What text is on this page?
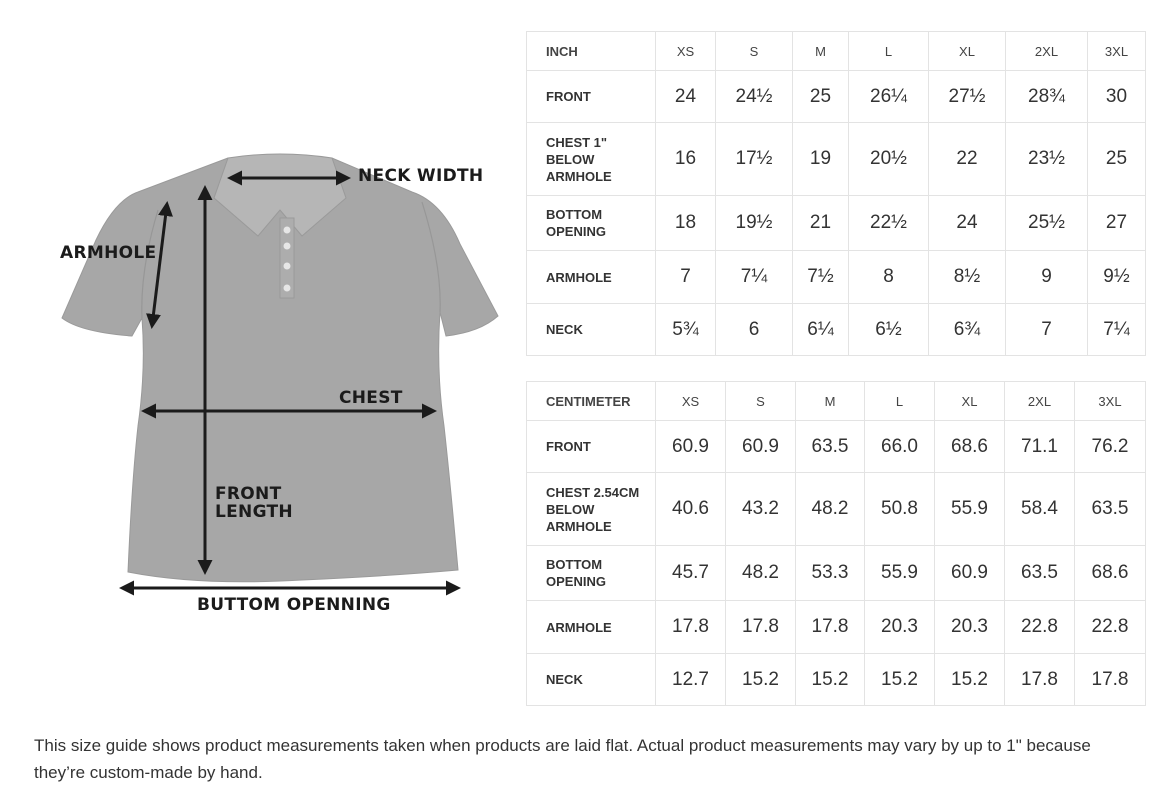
NECK WIDTH
ARMHOLE
CHEST
FRONT
LENGTH
BUTTOM OPENNING
INCH	XS	S	M	L	XL	2XL	3XL
FRONT	24	24½	25	26¼	27½	28¾	30
CHEST 1" BELOW ARMHOLE	16	17½	19	20½	22	23½	25
BOTTOM OPENING	18	19½	21	22½	24	25½	27
ARMHOLE	7	7¼	7½	8	8½	9	9½
NECK	5¾	6	6¼	6½	6¾	7	7¼
CENTIMETER	XS	S	M	L	XL	2XL	3XL
FRONT	60.9	60.9	63.5	66.0	68.6	71.1	76.2
CHEST 2.54CM BELOW ARMHOLE	40.6	43.2	48.2	50.8	55.9	58.4	63.5
BOTTOM OPENING	45.7	48.2	53.3	55.9	60.9	63.5	68.6
ARMHOLE	17.8	17.8	17.8	20.3	20.3	22.8	22.8
NECK	12.7	15.2	15.2	15.2	15.2	17.8	17.8

This size guide shows product measurements taken when products are laid flat. Actual product measurements may vary by up to 1" because they’re custom-made by hand.
